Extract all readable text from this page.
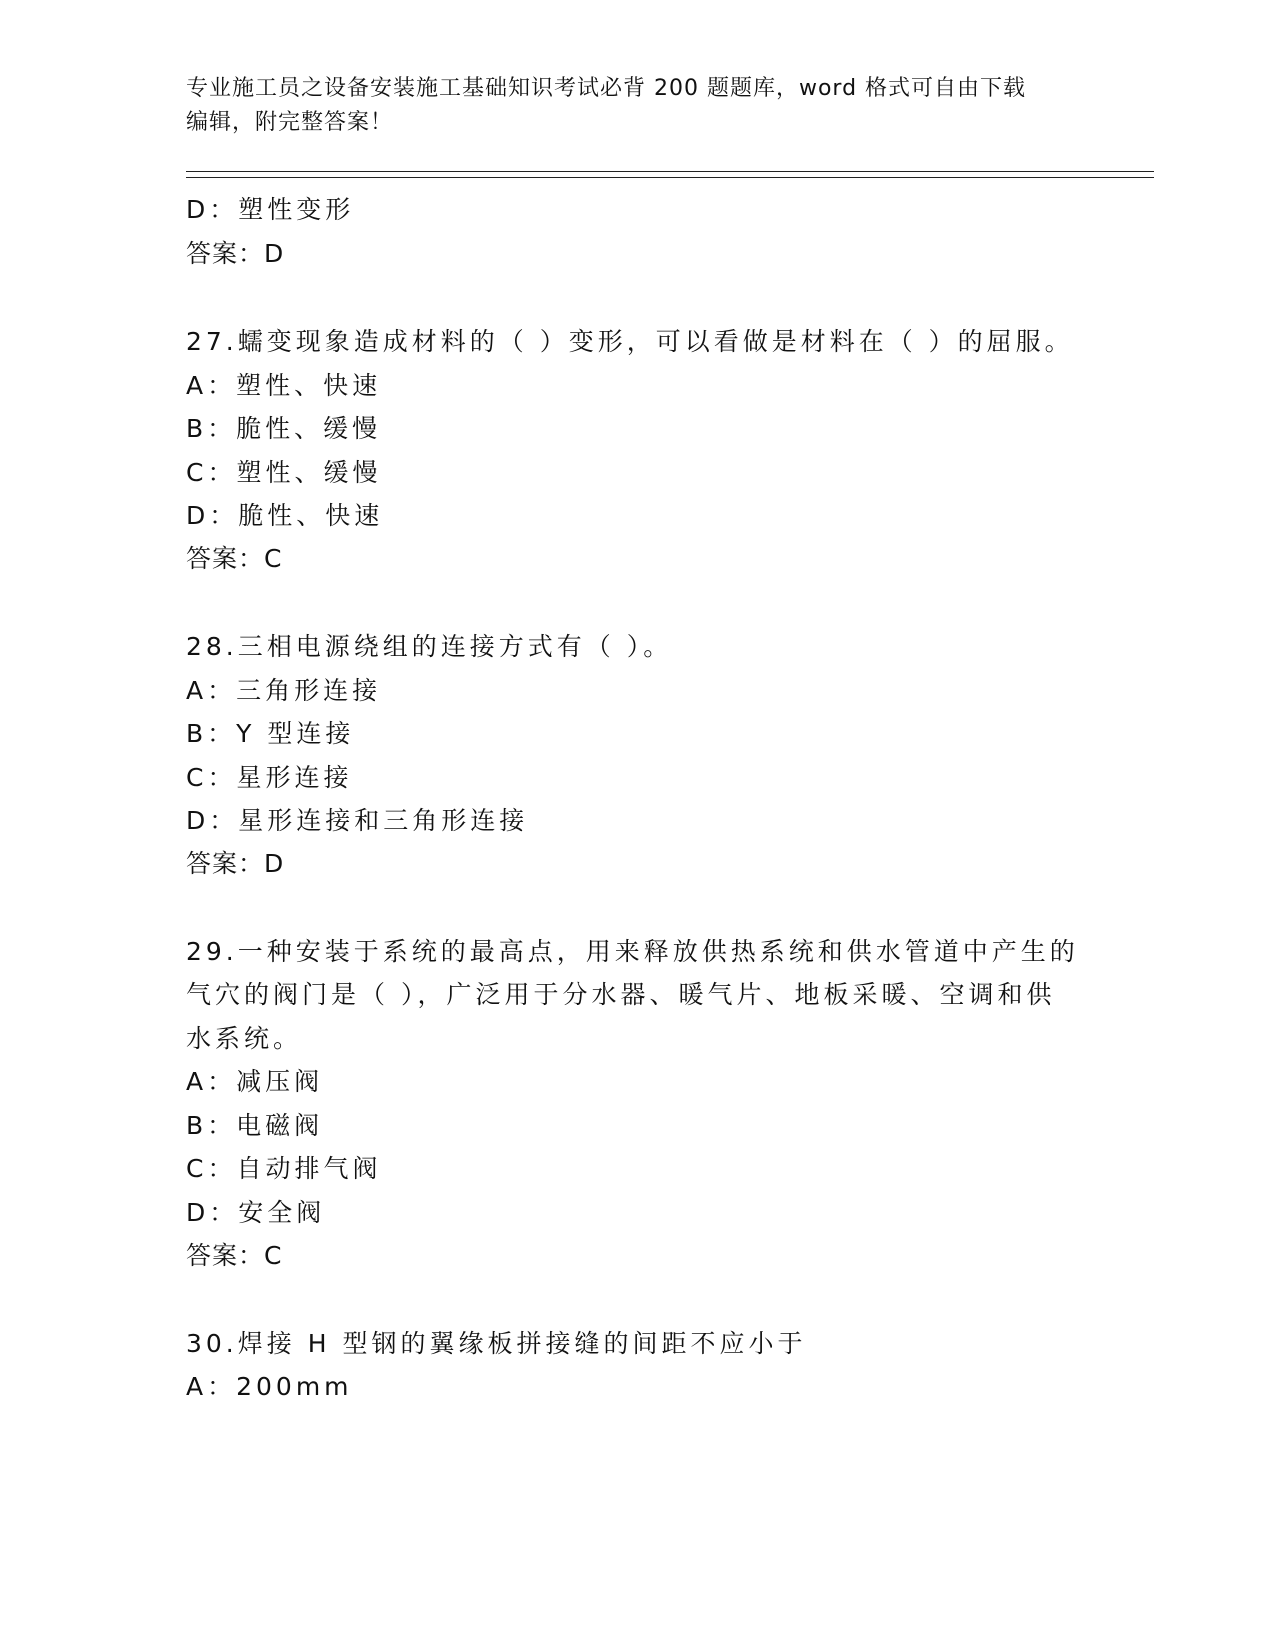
专业施工员之设备安装施工基础知识考试必背 200 题题库，word 格式可自由下载
编辑，附完整答案！
D：塑性变形
答案：D
27.蠕变现象造成材料的（ ）变形，可以看做是材料在（ ）的屈服。
A：塑性、快速
B：脆性、缓慢
C：塑性、缓慢
D：脆性、快速
答案：C
28.三相电源绕组的连接方式有（ ）。
A：三角形连接
B：Y 型连接
C：星形连接
D：星形连接和三角形连接
答案：D
29.一种安装于系统的最高点，用来释放供热系统和供水管道中产生的
气穴的阀门是（ ），广泛用于分水器、暖气片、地板采暖、空调和供
水系统。
A：减压阀
B：电磁阀
C：自动排气阀
D：安全阀
答案：C
30.焊接 H 型钢的翼缘板拼接缝的间距不应小于
A：200mm
